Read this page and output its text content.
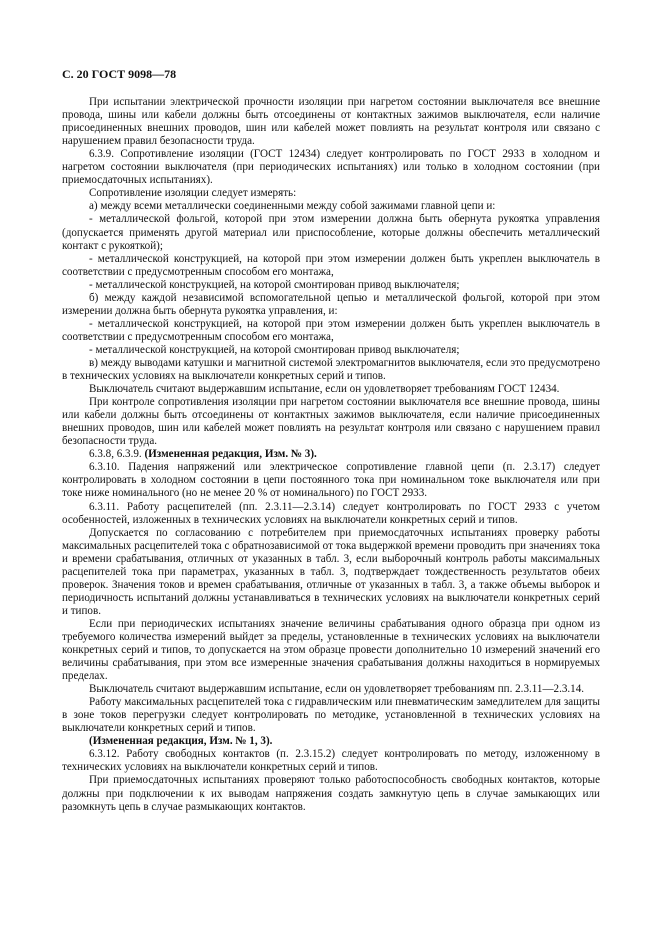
С. 20 ГОСТ 9098—78

При испытании электрической прочности изоляции при нагретом состоянии выключателя все внешние провода, шины или кабели должны быть отсоединены от контактных зажимов выключателя, если наличие присоединенных внешних проводов, шин или кабелей может повлиять на результат контроля или связано с нарушением правил безопасности труда.

6.3.9. Сопротивление изоляции (ГОСТ 12434) следует контролировать по ГОСТ 2933 в холодном и нагретом состоянии выключателя (при периодических испытаниях) или только в холодном состоянии (при приемосдаточных испытаниях).

Сопротивление изоляции следует измерять:

а) между всеми металлически соединенными между собой зажимами главной цепи и:

- металлической фольгой, которой при этом измерении должна быть обернута рукоятка управления (допускается применять другой материал или приспособление, которые должны обеспечить металлический контакт с рукояткой);

- металлической конструкцией, на которой при этом измерении должен быть укреплен выключатель в соответствии с предусмотренным способом его монтажа,

- металлической конструкцией, на которой смонтирован привод выключателя;

б) между каждой независимой вспомогательной цепью и металлической фольгой, которой при этом измерении должна быть обернута рукоятка управления, и:

- металлической конструкцией, на которой при этом измерении должен быть укреплен выключатель в соответствии с предусмотренным способом его монтажа,

- металлической конструкцией, на которой смонтирован привод выключателя;

в) между выводами катушки и магнитной системой электромагнитов выключателя, если это предусмотрено в технических условиях на выключатели конкретных серий и типов.

Выключатель считают выдержавшим испытание, если он удовлетворяет требованиям ГОСТ 12434.

При контроле сопротивления изоляции при нагретом состоянии выключателя все внешние провода, шины или кабели должны быть отсоединены от контактных зажимов выключателя, если наличие присоединенных внешних проводов, шин или кабелей может повлиять на результат контроля или связано с нарушением правил безопасности труда.

6.3.8, 6.3.9. (Измененная редакция, Изм. № 3).

6.3.10. Падения напряжений или электрическое сопротивление главной цепи (п. 2.3.17) следует контролировать в холодном состоянии в цепи постоянного тока при номинальном токе выключателя или при токе ниже номинального (но не менее 20 % от номинального) по ГОСТ 2933.

6.3.11. Работу расцепителей (пп. 2.3.11—2.3.14) следует контролировать по ГОСТ 2933 с учетом особенностей, изложенных в технических условиях на выключатели конкретных серий и типов.

Допускается по согласованию с потребителем при приемосдаточных испытаниях проверку работы максимальных расцепителей тока с обратнозависимой от тока выдержкой времени проводить при значениях тока и времени срабатывания, отличных от указанных в табл. 3, если выборочный контроль работы максимальных расцепителей тока при параметрах, указанных в табл. 3, подтверждает тождественность результатов обеих проверок. Значения токов и времен срабатывания, отличные от указанных в табл. 3, а также объемы выборок и периодичность испытаний должны устанавливаться в технических условиях на выключатели конкретных серий и типов.

Если при периодических испытаниях значение величины срабатывания одного образца при одном из требуемого количества измерений выйдет за пределы, установленные в технических условиях на выключатели конкретных серий и типов, то допускается на этом образце провести дополнительно 10 измерений значений его величины срабатывания, при этом все измеренные значения срабатывания должны находиться в нормируемых пределах.

Выключатель считают выдержавшим испытание, если он удовлетворяет требованиям пп. 2.3.11—2.3.14.

Работу максимальных расцепителей тока с гидравлическим или пневматическим замедлителем для защиты в зоне токов перегрузки следует контролировать по методике, установленной в технических условиях на выключатели конкретных серий и типов.

(Измененная редакция, Изм. № 1, 3).

6.3.12. Работу свободных контактов (п. 2.3.15.2) следует контролировать по методу, изложенному в технических условиях на выключатели конкретных серий и типов.

При приемосдаточных испытаниях проверяют только работоспособность свободных контактов, которые должны при подключении к их выводам напряжения создать замкнутую цепь в случае замыкающих или разомкнуть цепь в случае размыкающих контактов.
